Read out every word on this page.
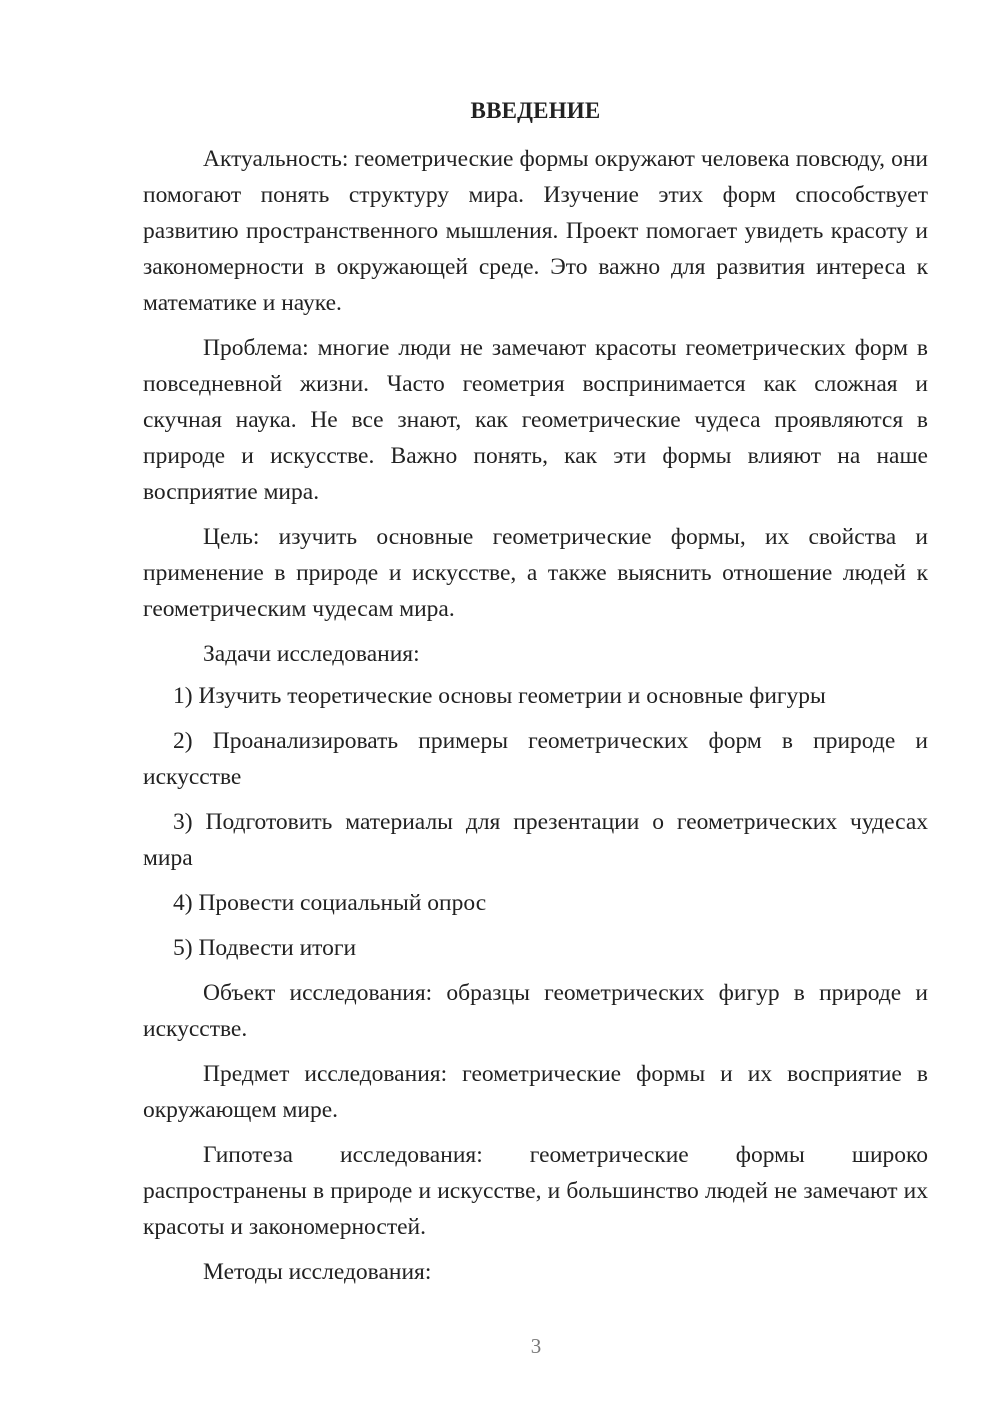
ВВЕДЕНИЕ

Актуальность: геометрические формы окружают человека повсюду, они помогают понять структуру мира. Изучение этих форм способствует развитию пространственного мышления. Проект помогает увидеть красоту и закономерности в окружающей среде. Это важно для развития интереса к математике и науке.

Проблема: многие люди не замечают красоты геометрических форм в повседневной жизни. Часто геометрия воспринимается как сложная и скучная наука. Не все знают, как геометрические чудеса проявляются в природе и искусстве. Важно понять, как эти формы влияют на наше восприятие мира.

Цель: изучить основные геометрические формы, их свойства и применение в природе и искусстве, а также выяснить отношение людей к геометрическим чудесам мира.

Задачи исследования:

1) Изучить теоретические основы геометрии и основные фигуры

2) Проанализировать примеры геометрических форм в природе и искусстве

3) Подготовить материалы для презентации о геометрических чудесах мира

4) Провести социальный опрос

5) Подвести итоги

Объект исследования: образцы геометрических фигур в природе и искусстве.

Предмет исследования: геометрические формы и их восприятие в окружающем мире.

Гипотеза исследования: геометрические формы широко распространены в природе и искусстве, и большинство людей не замечают их красоты и закономерностей.

Методы исследования:

3
